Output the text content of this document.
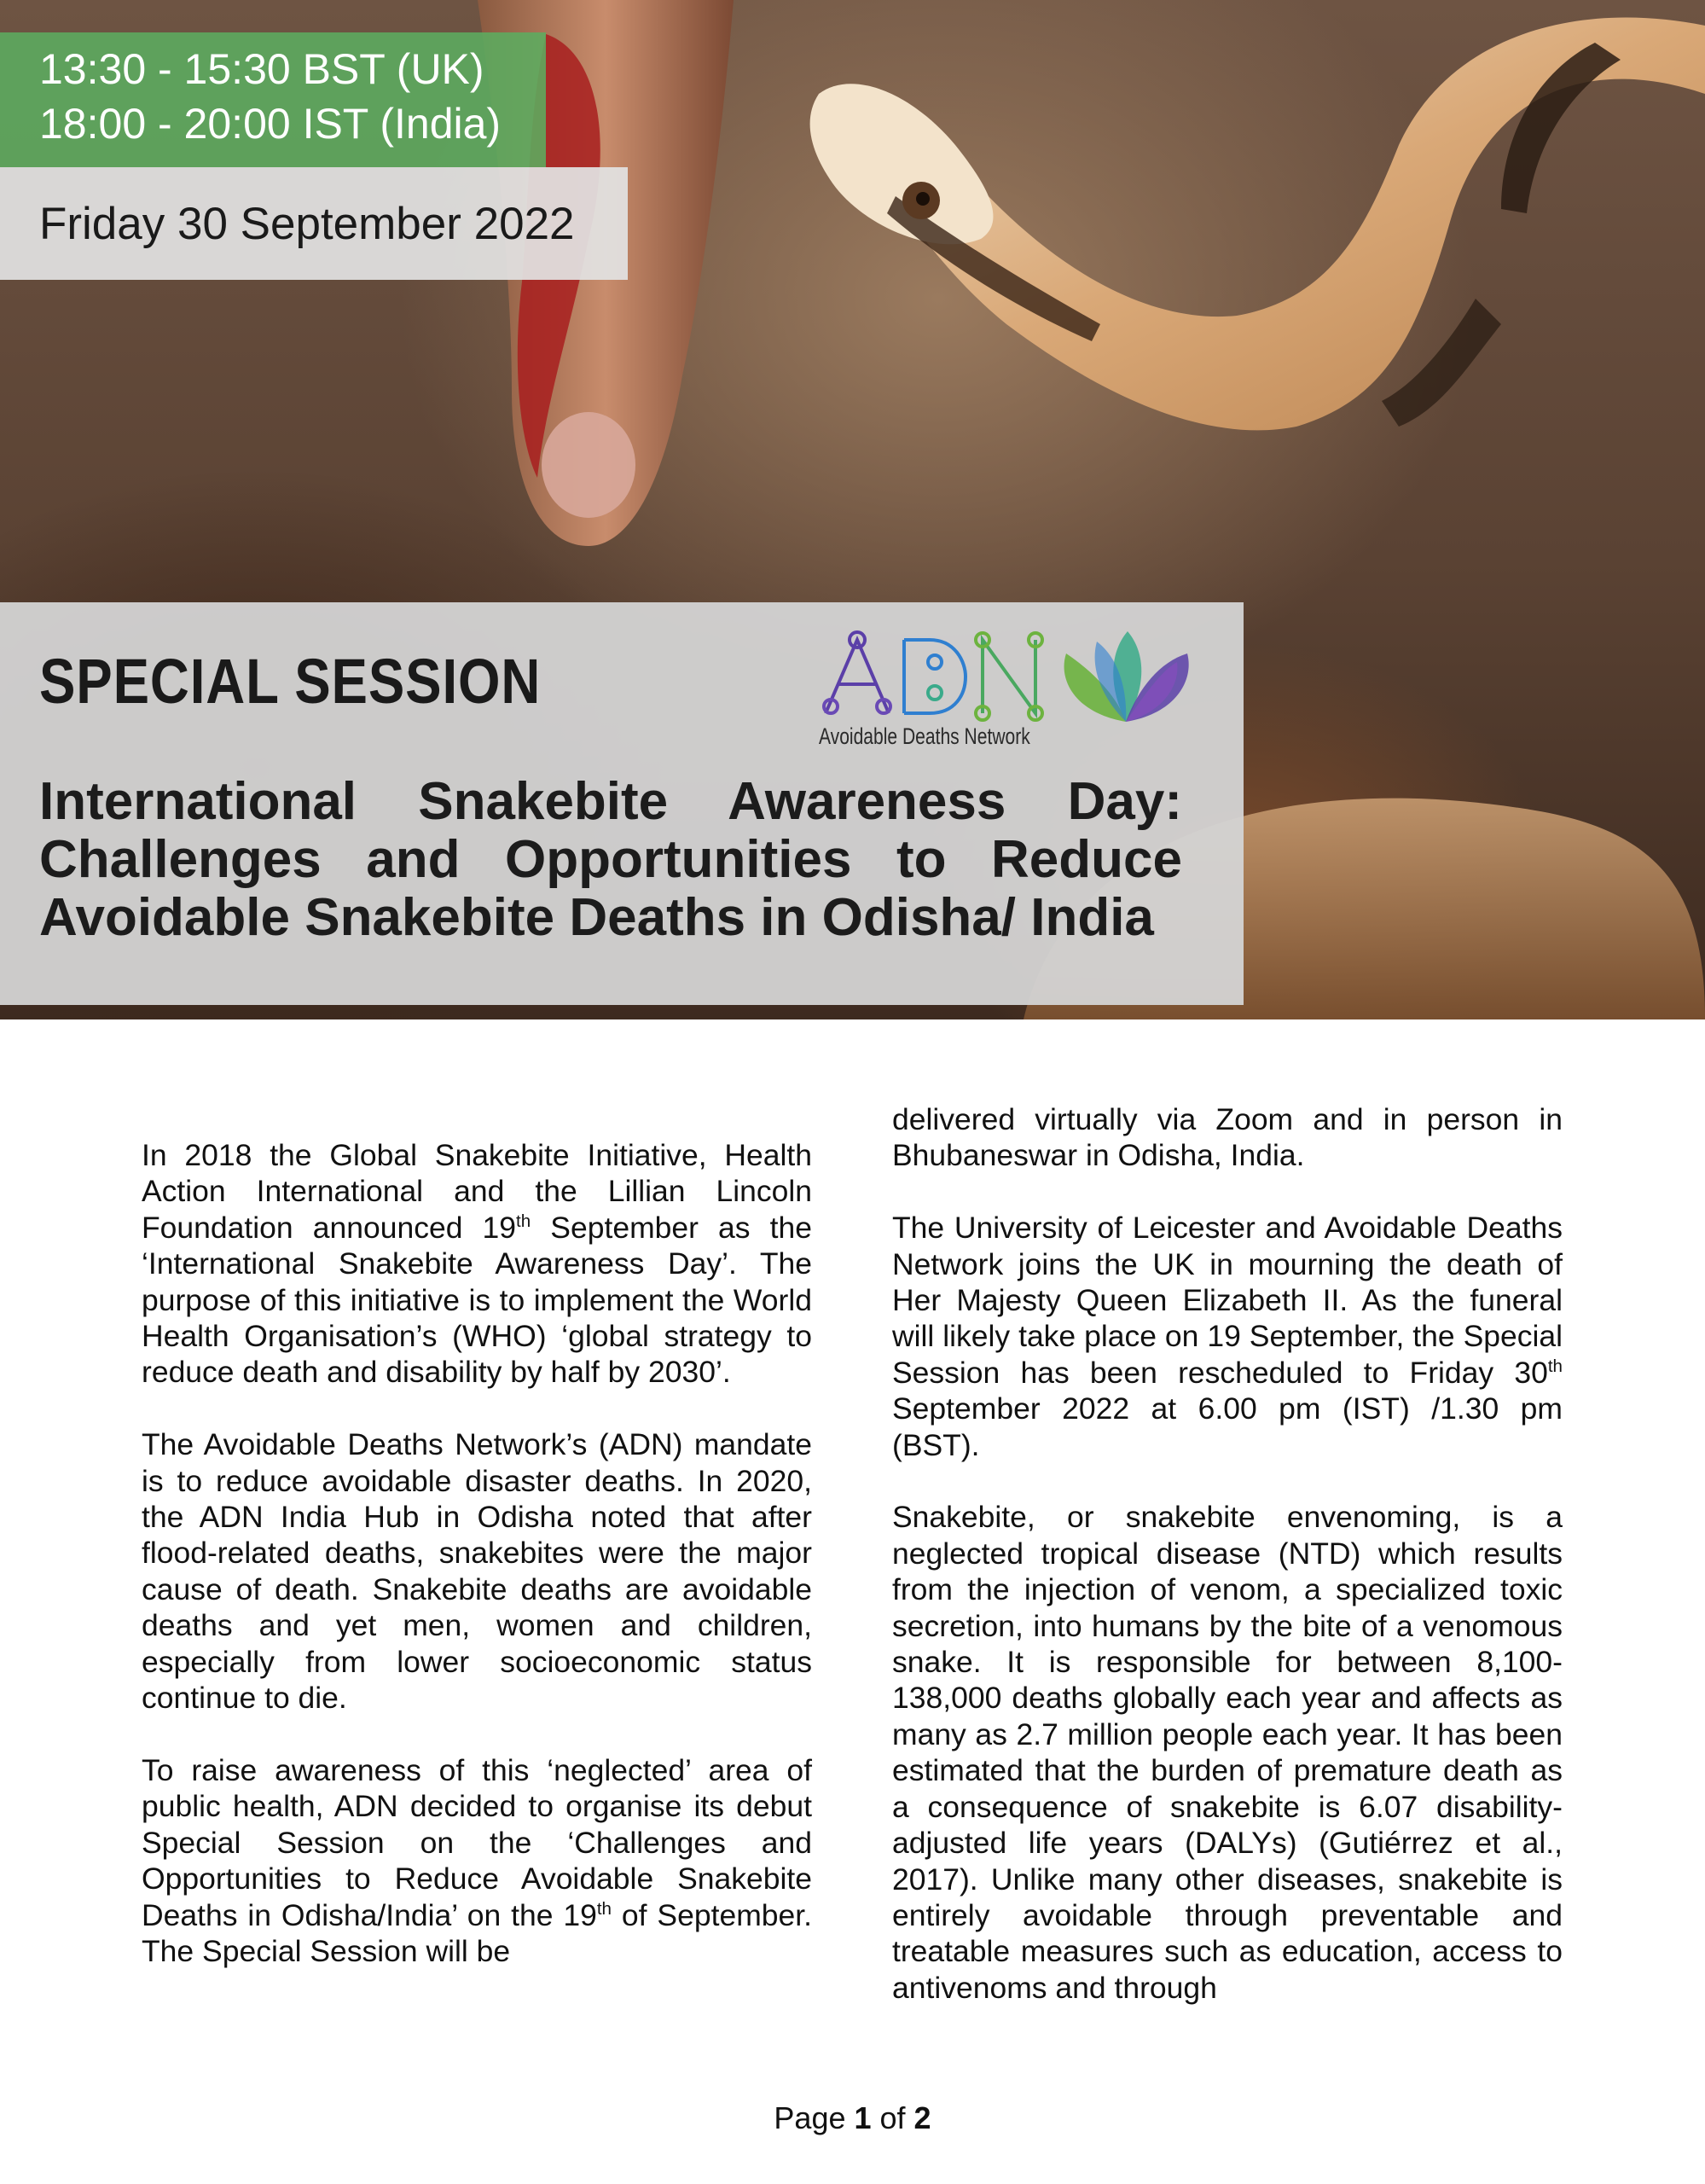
13:30 - 15:30 BST (UK)
18:00 - 20:00 IST (India)
Friday 30 September 2022
SPECIAL SESSION
Avoidable Deaths Network
International Snakebite Awareness Day: Challenges and Opportunities to Reduce Avoidable Snakebite Deaths in Odisha/ India

In 2018 the Global Snakebite Initiative, Health Action International and the Lillian Lincoln Foundation announced 19th September as the ‘International Snakebite Awareness Day’. The purpose of this initiative is to implement the World Health Organisation’s (WHO) ‘global strategy to reduce death and disability by half by 2030’.

The Avoidable Deaths Network’s (ADN) mandate is to reduce avoidable disaster deaths. In 2020, the ADN India Hub in Odisha noted that after flood-related deaths, snakebites were the major cause of death. Snakebite deaths are avoidable deaths and yet men, women and children, especially from lower socioeconomic status continue to die.

To raise awareness of this ‘neglected’ area of public health, ADN decided to organise its debut Special Session on the ‘Challenges and Opportunities to Reduce Avoidable Snakebite Deaths in Odisha/India’ on the 19th of September. The Special Session will be

delivered virtually via Zoom and in person in Bhubaneswar in Odisha, India.

The University of Leicester and Avoidable Deaths Network joins the UK in mourning the death of Her Majesty Queen Elizabeth II. As the funeral will likely take place on 19 September, the Special Session has been rescheduled to Friday 30th September 2022 at 6.00 pm (IST) /1.30 pm (BST).

Snakebite, or snakebite envenoming, is a neglected tropical disease (NTD) which results from the injection of venom, a specialized toxic secretion, into humans by the bite of a venomous snake. It is responsible for between 8,100-138,000 deaths globally each year and affects as many as 2.7 million people each year. It has been estimated that the burden of premature death as a consequence of snakebite is 6.07 disability-adjusted life years (DALYs) (Gutiérrez et al., 2017). Unlike many other diseases, snakebite is entirely avoidable through preventable and treatable measures such as education, access to antivenoms and through

Page 1 of 2
